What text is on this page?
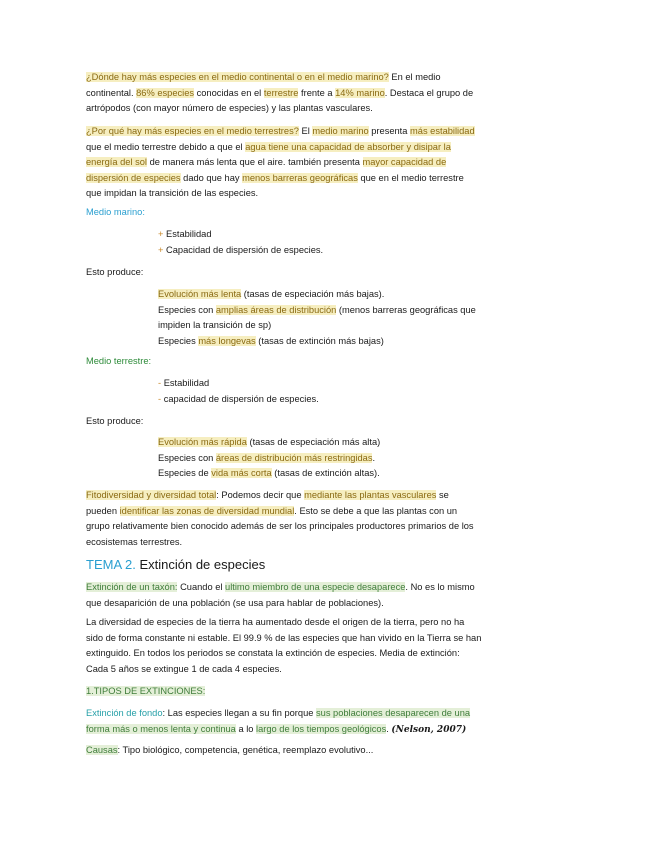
¿Dónde hay más especies en el medio continental o en el medio marino? En el medio
continental. 86% especies conocidas en el terrestre frente a 14% marino. Destaca el grupo de
artrópodos (con mayor número de especies) y las plantas vasculares.
¿Por qué hay más especies en el medio terrestres? El medio marino presenta más estabilidad
que el medio terrestre debido a que el agua tiene una capacidad de absorber y disipar la
energía del sol de manera más lenta que el aire. también presenta mayor capacidad de
dispersión de especies dado que hay menos barreras geográficas que en el medio terrestre
que impidan la transición de las especies.
Medio marino:
+ Estabilidad
+ Capacidad de dispersión de especies.
Esto produce:
Evolución más lenta (tasas de especiación más bajas).
Especies con amplias áreas de distribución (menos barreras geográficas que
impiden la transición de sp)
Especies más longevas (tasas de extinción más bajas)
Medio terrestre:
- Estabilidad
- capacidad de dispersión de especies.
Esto produce:
Evolución más rápida (tasas de especiación más alta)
Especies con áreas de distribución más restringidas.
Especies de vida más corta (tasas de extinción altas).
Fitodiversidad y diversidad total: Podemos decir que mediante las plantas vasculares se
pueden identificar las zonas de diversidad mundial. Esto se debe a que las plantas con un
grupo relativamente bien conocido además de ser los principales productores primarios de los
ecosistemas terrestres.
TEMA 2. Extinción de especies
Extinción de un taxón: Cuando el ultimo miembro de una especie desaparece. No es lo mismo
que desaparición de una población (se usa para hablar de poblaciones).
La diversidad de especies de la tierra ha aumentado desde el origen de la tierra, pero no ha
sido de forma constante ni estable. El 99.9 % de las especies que han vivido en la Tierra se han
extinguido. En todos los periodos se constata la extinción de especies. Media de extinción:
Cada 5 años se extingue 1 de cada 4 especies.
1.TIPOS DE EXTINCIONES:
Extinción de fondo: Las especies llegan a su fin porque sus poblaciones desaparecen de una
forma más o menos lenta y continua a lo largo de los tiempos geológicos. (Nelson, 2007)
Causas: Tipo biológico, competencia, genética, reemplazo evolutivo...
